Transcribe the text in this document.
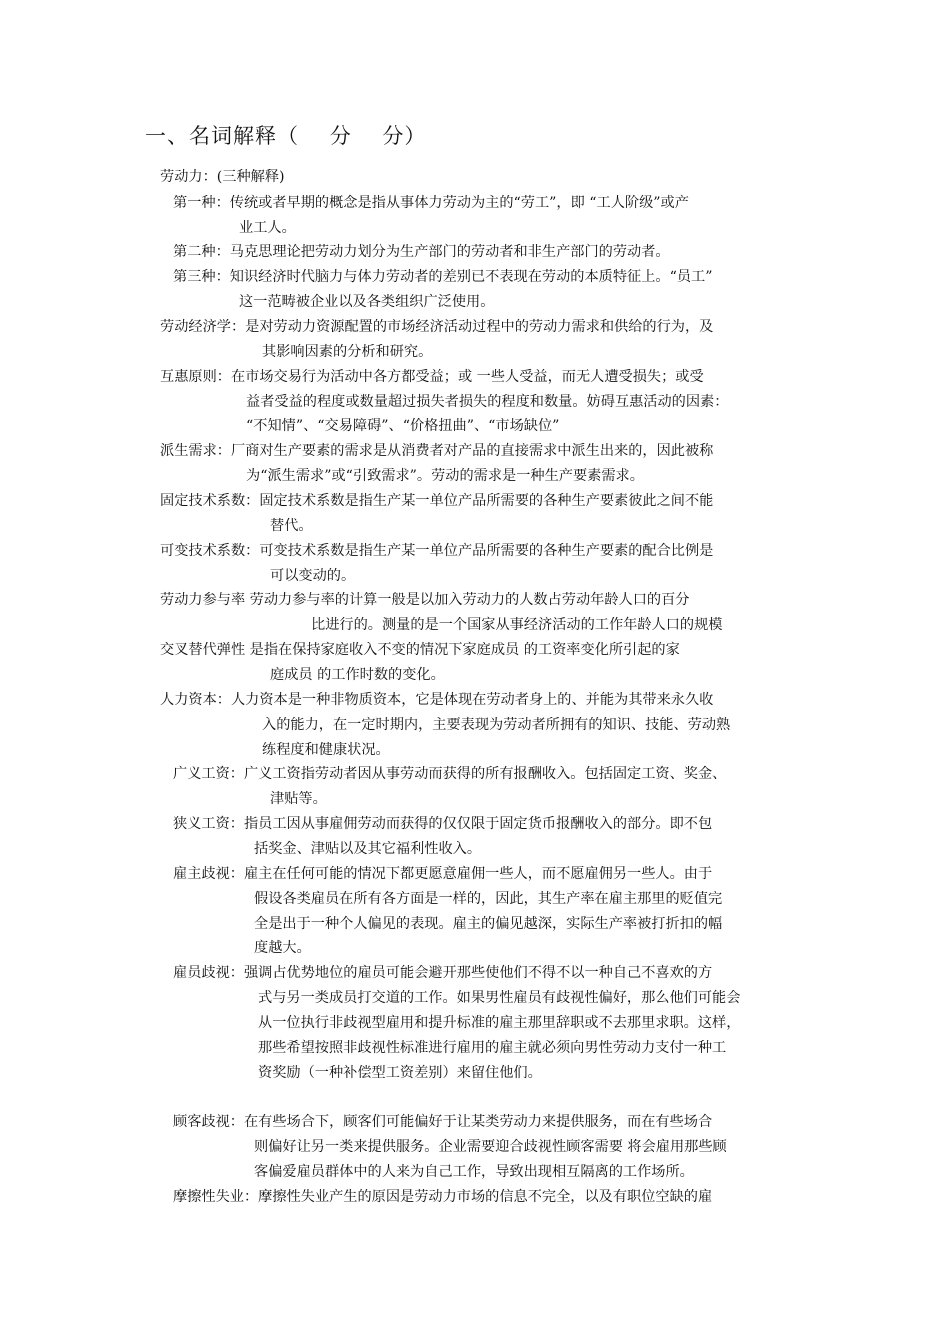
一、名词解释（    分    分）
劳动力：(三种解释)
第一种：传统或者早期的概念是指从事体力劳动为主的“劳工”，即 “工人阶级”或产
业工人。
第二种：马克思理论把劳动力划分为生产部门的劳动者和非生产部门的劳动者。
第三种：知识经济时代脑力与体力劳动者的差别已不表现在劳动的本质特征上。“员工”
这一范畴被企业以及各类组织广泛使用。
劳动经济学：是对劳动力资源配置的市场经济活动过程中的劳动力需求和供给的行为，及
其影响因素的分析和研究。
互惠原则：在市场交易行为活动中各方都受益；或 一些人受益，而无人遭受损失；或受
益者受益的程度或数量超过损失者损失的程度和数量。妨碍互惠活动的因素：
“不知情”、“交易障碍”、“价格扭曲”、“市场缺位”
派生需求：厂商对生产要素的需求是从消费者对产品的直接需求中派生出来的，因此被称
为“派生需求”或“引致需求”。劳动的需求是一种生产要素需求。
固定技术系数：固定技术系数是指生产某一单位产品所需要的各种生产要素彼此之间不能
替代。
可变技术系数：可变技术系数是指生产某一单位产品所需要的各种生产要素的配合比例是
可以变动的。
劳动力参与率 劳动力参与率的计算一般是以加入劳动力的人数占劳动年龄人口的百分
比进行的。测量的是一个国家从事经济活动的工作年龄人口的规模
交叉替代弹性 是指在保持家庭收入不变的情况下家庭成员 的工资率变化所引起的家
庭成员 的工作时数的变化。
人力资本：人力资本是一种非物质资本，它是体现在劳动者身上的、并能为其带来永久收
入的能力，在一定时期内，主要表现为劳动者所拥有的知识、技能、劳动熟
练程度和健康状况。
广义工资：广义工资指劳动者因从事劳动而获得的所有报酬收入。包括固定工资、奖金、
津贴等。
狭义工资：指员工因从事雇佣劳动而获得的仅仅限于固定货币报酬收入的部分。即不包
括奖金、津贴以及其它福利性收入。
雇主歧视：雇主在任何可能的情况下都更愿意雇佣一些人，而不愿雇佣另一些人。由于
假设各类雇员在所有各方面是一样的，因此，其生产率在雇主那里的贬值完
全是出于一种个人偏见的表现。雇主的偏见越深，实际生产率被打折扣的幅
度越大。
雇员歧视：强调占优势地位的雇员可能会避开那些使他们不得不以一种自己不喜欢的方
式与另一类成员打交道的工作。如果男性雇员有歧视性偏好，那么他们可能会
从一位执行非歧视型雇用和提升标准的雇主那里辞职或不去那里求职。这样，
那些希望按照非歧视性标准进行雇用的雇主就必须向男性劳动力支付一种工
资奖励（一种补偿型工资差别）来留住他们。
顾客歧视：在有些场合下，顾客们可能偏好于让某类劳动力来提供服务，而在有些场合
则偏好让另一类来提供服务。企业需要迎合歧视性顾客需要 将会雇用那些顾
客偏爱雇员群体中的人来为自己工作，导致出现相互隔离的工作场所。
摩擦性失业：摩擦性失业产生的原因是劳动力市场的信息不完全，以及有职位空缺的雇
